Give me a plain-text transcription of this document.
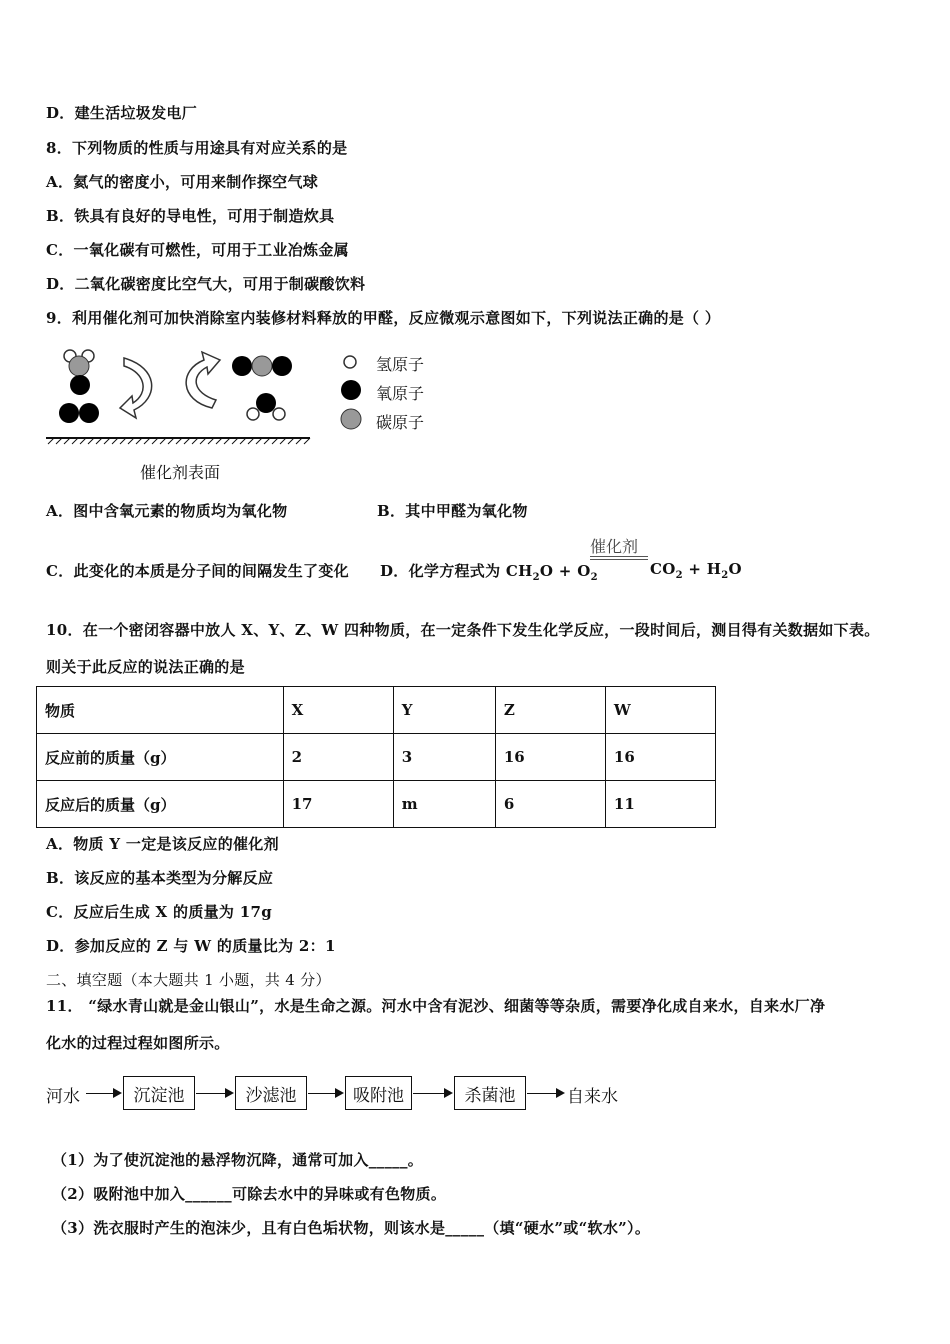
D．建生活垃圾发电厂
8．下列物质的性质与用途具有对应关系的是
A．氦气的密度小，可用来制作探空气球
B．铁具有良好的导电性，可用于制造炊具
C．一氧化碳有可燃性，可用于工业冶炼金属
D．二氧化碳密度比空气大，可用于制碳酸饮料
9．利用催化剂可加快消除室内装修材料释放的甲醛，反应微观示意图如下，下列说法正确的是（ ）
氢原子
氧原子
碳原子
催化剂表面
A．图中含氧元素的物质均为氧化物	B．其中甲醛为氧化物
C．此变化的本质是分子间的间隔发生了变化 D．化学方程式为 $CH_2O + O_2$
催化剂
$CO_2 + H_2O$
10．在一个密闭容器中放人 X、Y、Z、W 四种物质，在一定条件下发生化学反应，一段时间后，测目得有关数据如下表。
则关于此反应的说法正确的是
物质	X	Y	Z	W
反应前的质量（g）	2	3	16	16
反应后的质量（g）	17	m	6	11
A．物质 Y 一定是该反应的催化剂
B．该反应的基本类型为分解反应
C．反应后生成 X 的质量为 17g
D．参加反应的 Z 与 W 的质量比为 2：1
二、填空题（本大题共 1 小题，共 4 分）
11． “绿水青山就是金山银山”，水是生命之源。河水中含有泥沙、细菌等等杂质，需要净化成自来水，自来水厂净
化水的过程过程如图所示。
河水	沉淀池	沙滤池	吸附池	杀菌池	自来水
（1）为了使沉淀池的悬浮物沉降，通常可加入_____。
（2）吸附池中加入______可除去水中的异味或有色物质。
（3）洗衣服时产生的泡沫少，且有白色垢状物，则该水是_____（填“硬水”或“软水”）。
